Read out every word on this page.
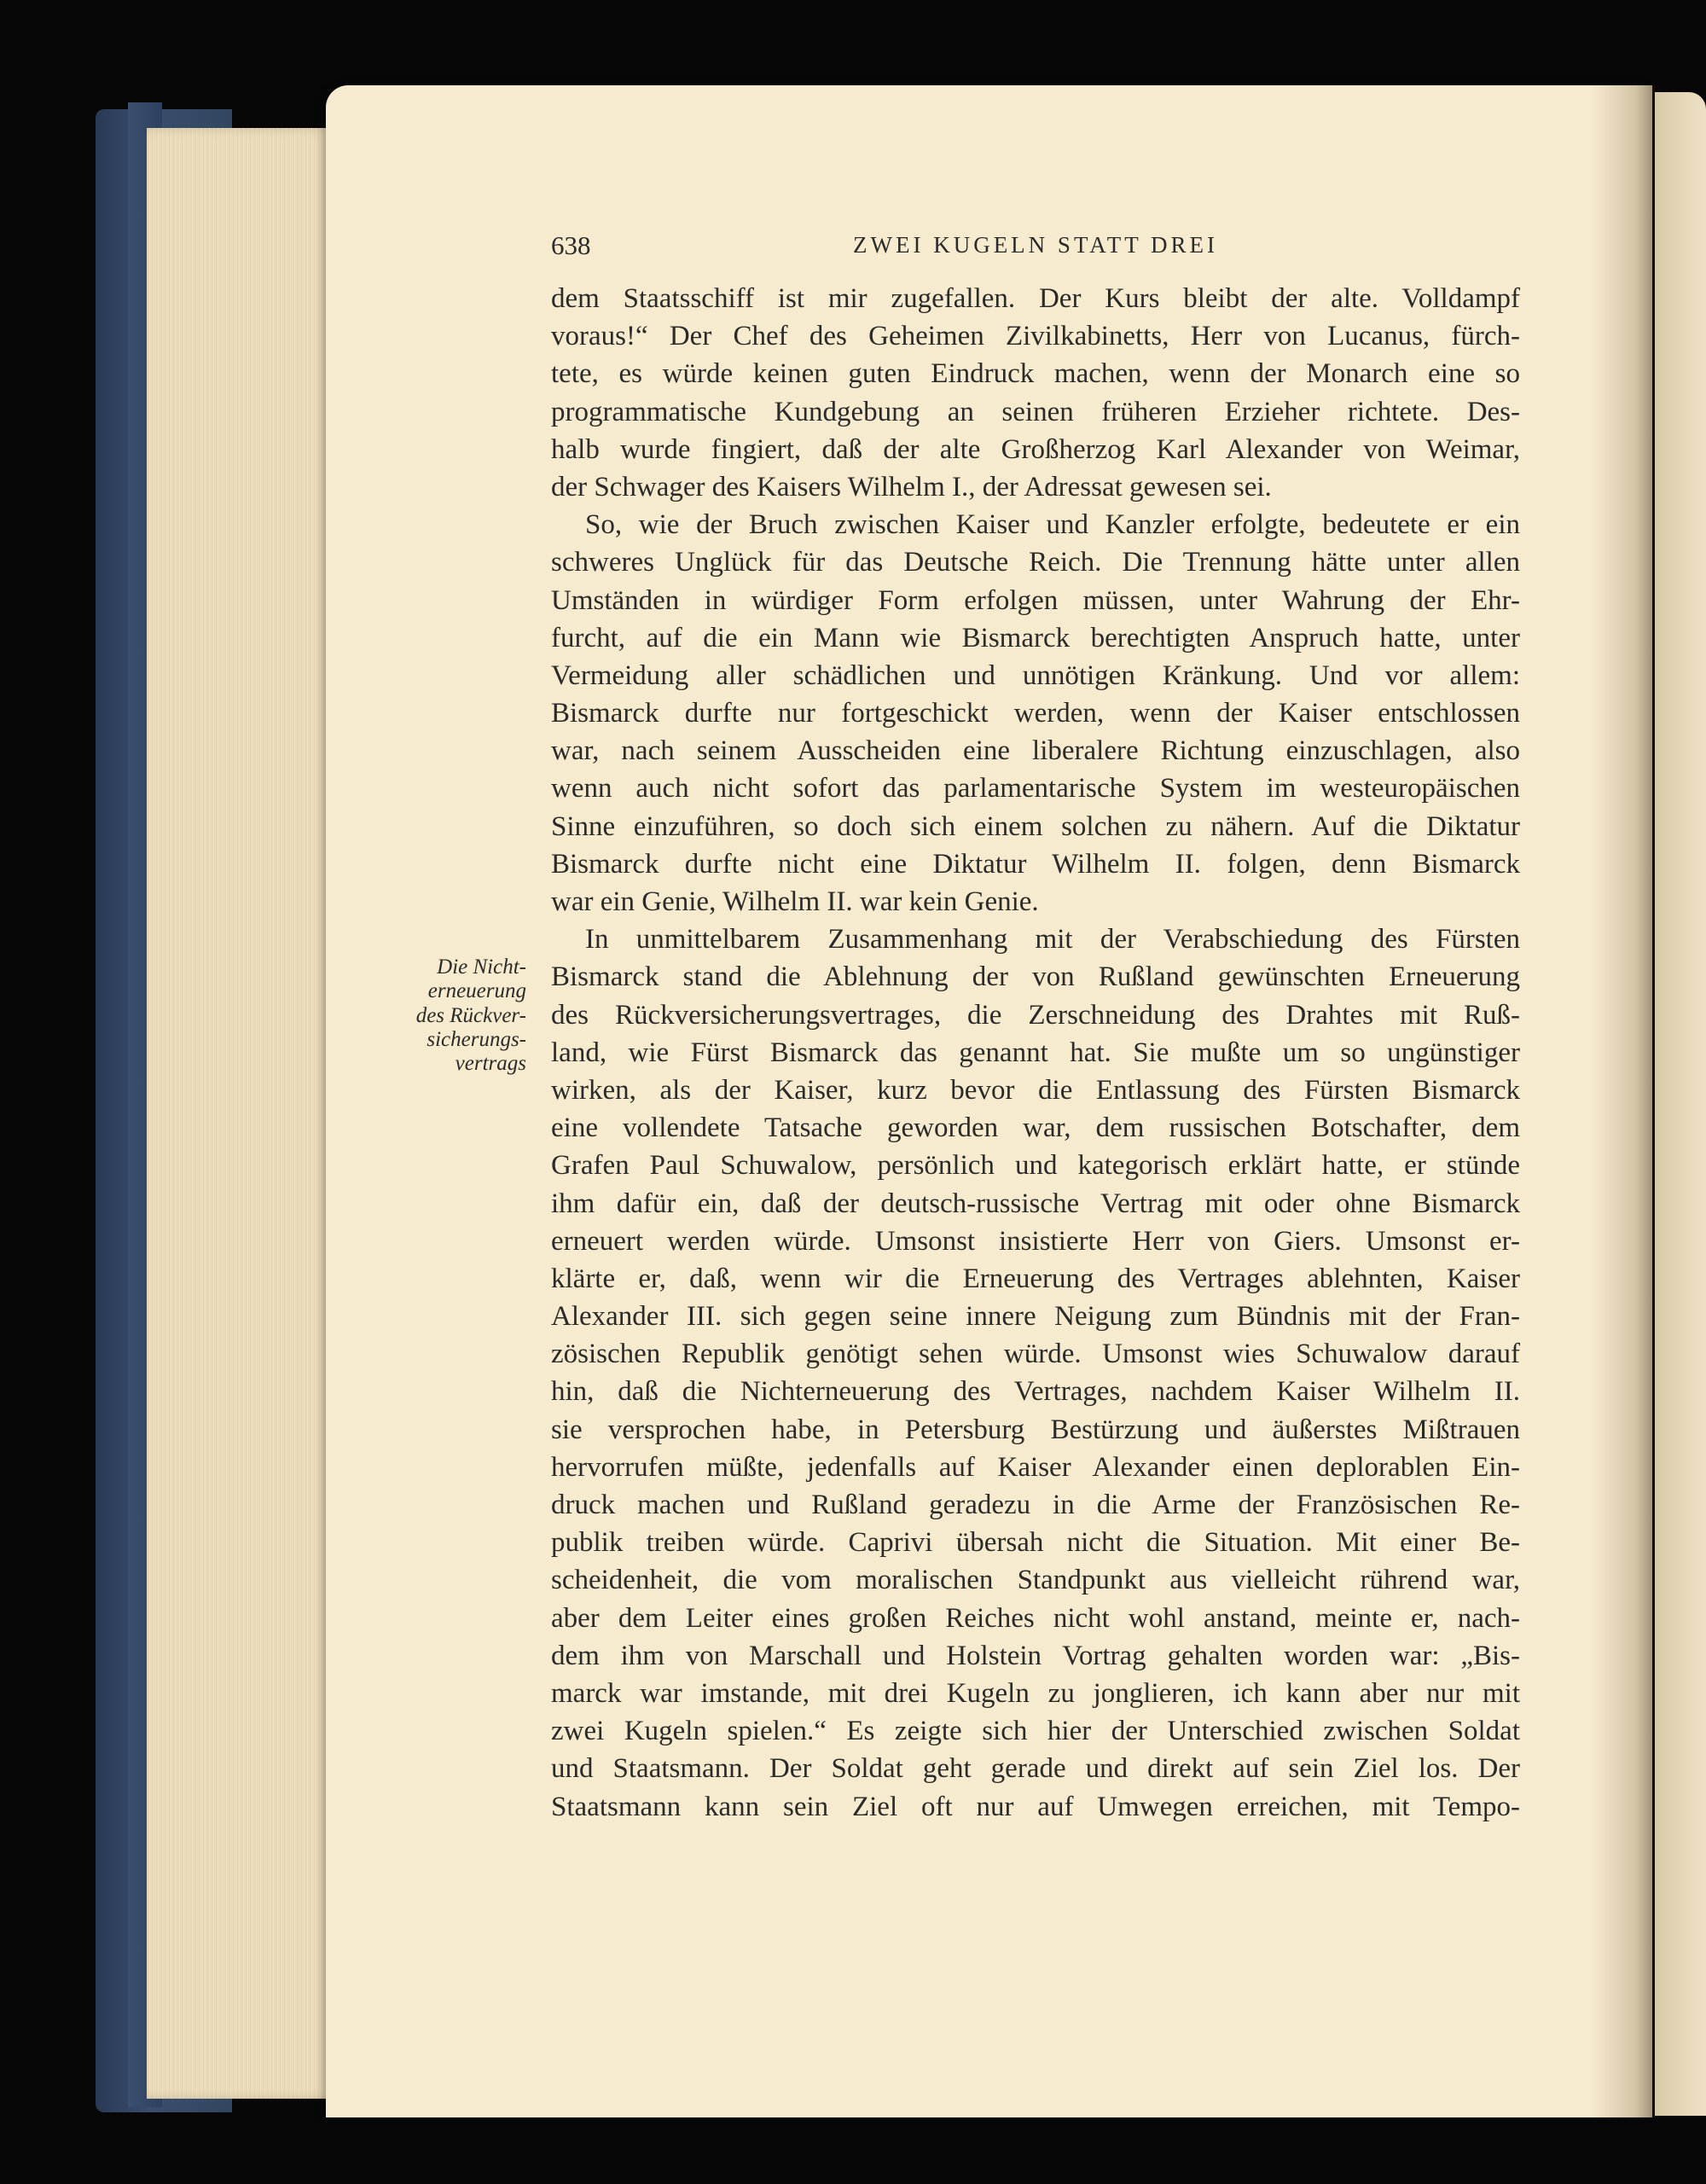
638	ZWEI KUGELN STATT DREI
Die Nicht-
erneuerung
des Rückver-
sicherungs-
vertrags
dem Staatsschiff ist mir zugefallen. Der Kurs bleibt der alte. Volldampf
voraus!“ Der Chef des Geheimen Zivilkabinetts, Herr von Lucanus, fürch-
tete, es würde keinen guten Eindruck machen, wenn der Monarch eine so
programmatische Kundgebung an seinen früheren Erzieher richtete. Des-
halb wurde fingiert, daß der alte Großherzog Karl Alexander von Weimar,
der Schwager des Kaisers Wilhelm I., der Adressat gewesen sei.
So, wie der Bruch zwischen Kaiser und Kanzler erfolgte, bedeutete er ein
schweres Unglück für das Deutsche Reich. Die Trennung hätte unter allen
Umständen in würdiger Form erfolgen müssen, unter Wahrung der Ehr-
furcht, auf die ein Mann wie Bismarck berechtigten Anspruch hatte, unter
Vermeidung aller schädlichen und unnötigen Kränkung. Und vor allem:
Bismarck durfte nur fortgeschickt werden, wenn der Kaiser entschlossen
war, nach seinem Ausscheiden eine liberalere Richtung einzuschlagen, also
wenn auch nicht sofort das parlamentarische System im westeuropäischen
Sinne einzuführen, so doch sich einem solchen zu nähern. Auf die Diktatur
Bismarck durfte nicht eine Diktatur Wilhelm II. folgen, denn Bismarck
war ein Genie, Wilhelm II. war kein Genie.
In unmittelbarem Zusammenhang mit der Verabschiedung des Fürsten
Bismarck stand die Ablehnung der von Rußland gewünschten Erneuerung
des Rückversicherungsvertrages, die Zerschneidung des Drahtes mit Ruß-
land, wie Fürst Bismarck das genannt hat. Sie mußte um so ungünstiger
wirken, als der Kaiser, kurz bevor die Entlassung des Fürsten Bismarck
eine vollendete Tatsache geworden war, dem russischen Botschafter, dem
Grafen Paul Schuwalow, persönlich und kategorisch erklärt hatte, er stünde
ihm dafür ein, daß der deutsch-russische Vertrag mit oder ohne Bismarck
erneuert werden würde. Umsonst insistierte Herr von Giers. Umsonst er-
klärte er, daß, wenn wir die Erneuerung des Vertrages ablehnten, Kaiser
Alexander III. sich gegen seine innere Neigung zum Bündnis mit der Fran-
zösischen Republik genötigt sehen würde. Umsonst wies Schuwalow darauf
hin, daß die Nichterneuerung des Vertrages, nachdem Kaiser Wilhelm II.
sie versprochen habe, in Petersburg Bestürzung und äußerstes Mißtrauen
hervorrufen müßte, jedenfalls auf Kaiser Alexander einen deplorablen Ein-
druck machen und Rußland geradezu in die Arme der Französischen Re-
publik treiben würde. Caprivi übersah nicht die Situation. Mit einer Be-
scheidenheit, die vom moralischen Standpunkt aus vielleicht rührend war,
aber dem Leiter eines großen Reiches nicht wohl anstand, meinte er, nach-
dem ihm von Marschall und Holstein Vortrag gehalten worden war: „Bis-
marck war imstande, mit drei Kugeln zu jonglieren, ich kann aber nur mit
zwei Kugeln spielen.“ Es zeigte sich hier der Unterschied zwischen Soldat
und Staatsmann. Der Soldat geht gerade und direkt auf sein Ziel los. Der
Staatsmann kann sein Ziel oft nur auf Umwegen erreichen, mit Tempo-
